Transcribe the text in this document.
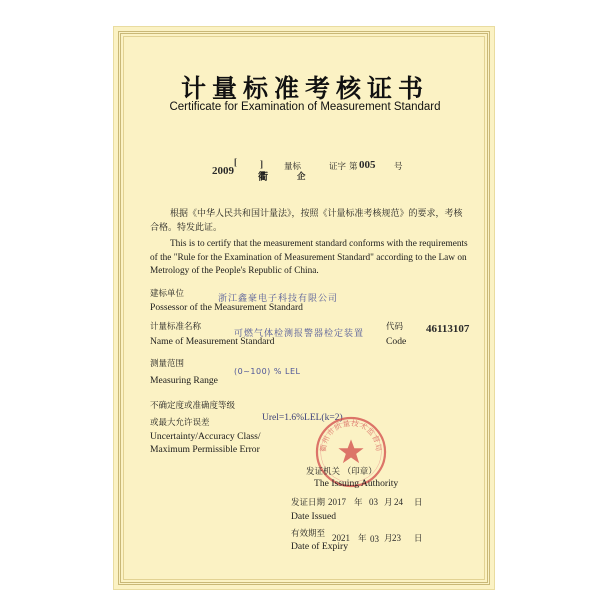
计量标准考核证书
Certificate for Examination of Measurement Standard
[
2009
]
衢
量标
企
证字 第 005 号
根据《中华人民共和国计量法》，按照《计量标准考核规范》的要求，考核
合格。特发此证。
This is to certify that the measurement standard conforms with the requirements
of the "Rule for the Examination of Measurement Standard" according to the Law on
Metrology of the People's Republic of China.
建标单位	浙江鑫豪电子科技有限公司
Possessor of the Measurement Standard
计量标准名称
可燃气体检测报警器检定装置
Name of Measurement Standard
代码
Code
46113107
测量范围
(0~100) % LEL
Measuring Range
不确定度或准确度等级
或最大允许误差
Uncertainty/Accuracy Class/
Maximum Permissible Error
Urel=1.6%LEL(k=2)
衢州市质量技术监督局
发证机关 （印章）
The Issuing Authority
发证日期 2017 年 03 月 24 日
Date Issued
有效期至 2021 年 03 月 23 日
Date of Expiry
